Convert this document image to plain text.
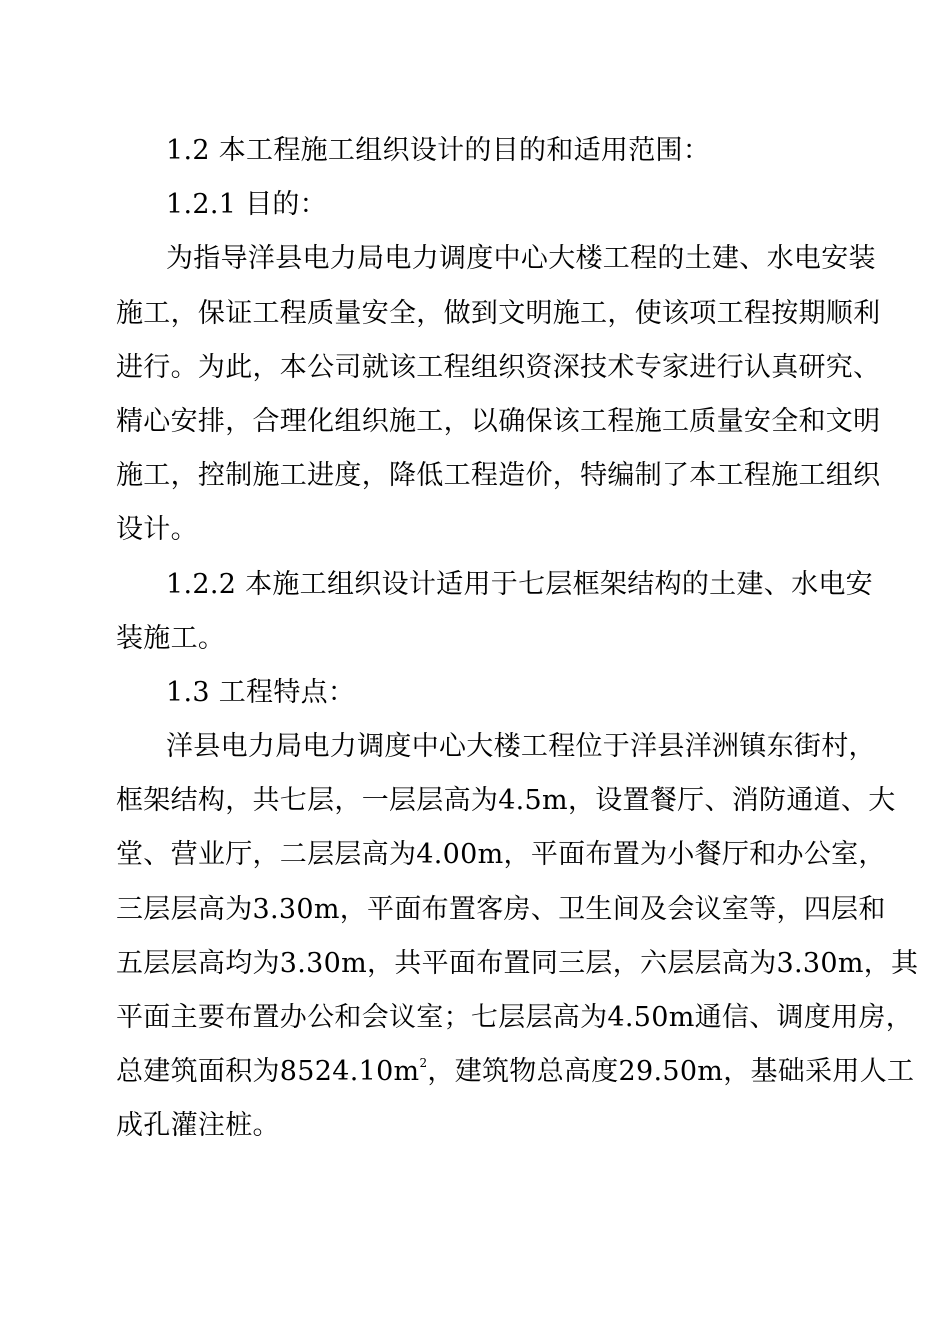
1.2 本工程施工组织设计的目的和适用范围：
1.2.1 目的：
为指导洋县电力局电力调度中心大楼工程的土建、水电安装
施工，保证工程质量安全，做到文明施工，使该项工程按期顺利
进行。为此，本公司就该工程组织资深技术专家进行认真研究、
精心安排，合理化组织施工，以确保该工程施工质量安全和文明
施工，控制施工进度，降低工程造价，特编制了本工程施工组织
设计。
1.2.2 本施工组织设计适用于七层框架结构的土建、水电安
装施工。
1.3 工程特点：
洋县电力局电力调度中心大楼工程位于洋县洋洲镇东街村，
框架结构，共七层，一层层高为4.5m，设置餐厅、消防通道、大
堂、营业厅，二层层高为4.00m，平面布置为小餐厅和办公室，
三层层高为3.30m，平面布置客房、卫生间及会议室等，四层和
五层层高均为3.30m，共平面布置同三层，六层层高为3.30m，其
平面主要布置办公和会议室；七层层高为4.50m通信、调度用房，
总建筑面积为$8524.10m^2$，建筑物总高度29.50m，基础采用人工
成孔灌注桩。
